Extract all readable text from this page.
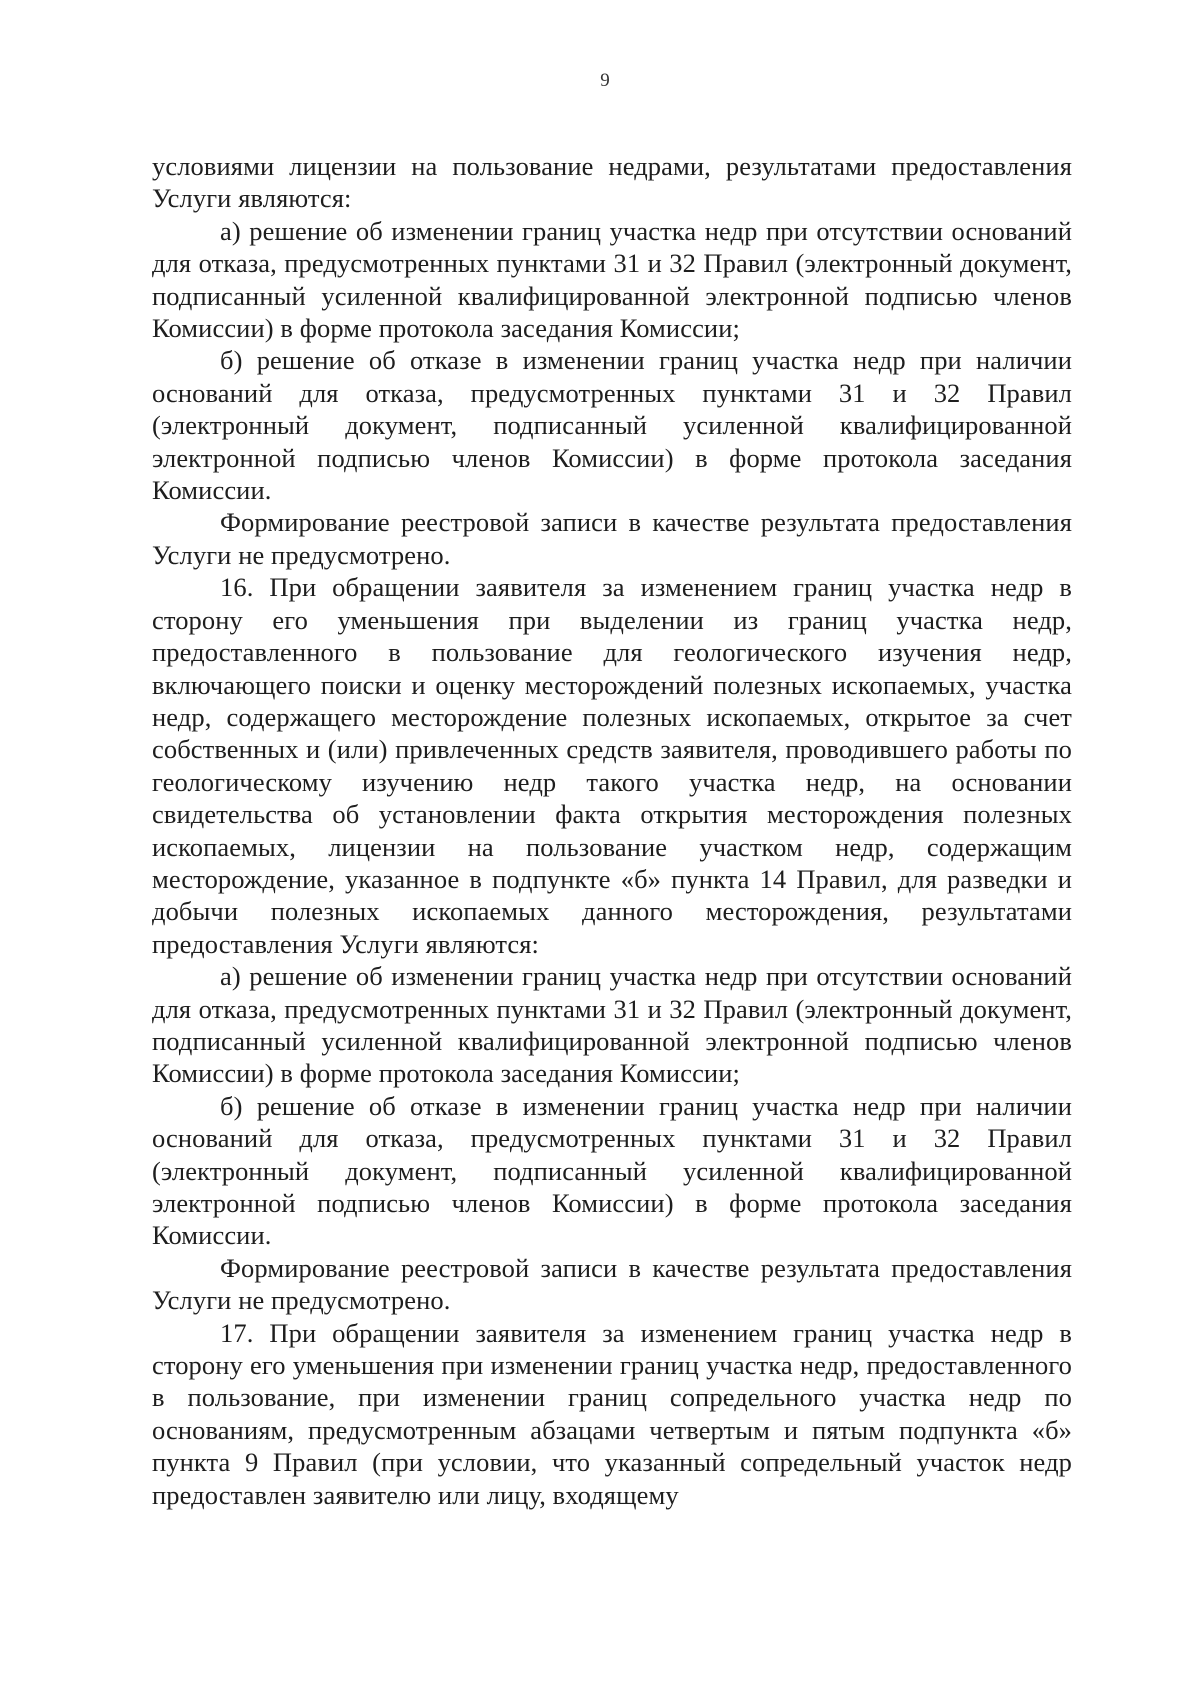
9

условиями лицензии на пользование недрами, результатами предоставления Услуги являются:

а) решение об изменении границ участка недр при отсутствии оснований для отказа, предусмотренных пунктами 31 и 32 Правил (электронный документ, подписанный усиленной квалифицированной электронной подписью членов Комиссии) в форме протокола заседания Комиссии;

б) решение об отказе в изменении границ участка недр при наличии оснований для отказа, предусмотренных пунктами 31 и 32 Правил (электронный документ, подписанный усиленной квалифицированной электронной подписью членов Комиссии) в форме протокола заседания Комиссии.

Формирование реестровой записи в качестве результата предоставления Услуги не предусмотрено.

16. При обращении заявителя за изменением границ участка недр в сторону его уменьшения при выделении из границ участка недр, предоставленного в пользование для геологического изучения недр, включающего поиски и оценку месторождений полезных ископаемых, участка недр, содержащего месторождение полезных ископаемых, открытое за счет собственных и (или) привлеченных средств заявителя, проводившего работы по геологическому изучению недр такого участка недр, на основании свидетельства об установлении факта открытия месторождения полезных ископаемых, лицензии на пользование участком недр, содержащим месторождение, указанное в подпункте «б» пункта 14 Правил, для разведки и добычи полезных ископаемых данного месторождения, результатами предоставления Услуги являются:

а) решение об изменении границ участка недр при отсутствии оснований для отказа, предусмотренных пунктами 31 и 32 Правил (электронный документ, подписанный усиленной квалифицированной электронной подписью членов Комиссии) в форме протокола заседания Комиссии;

б) решение об отказе в изменении границ участка недр при наличии оснований для отказа, предусмотренных пунктами 31 и 32 Правил (электронный документ, подписанный усиленной квалифицированной электронной подписью членов Комиссии) в форме протокола заседания Комиссии.

Формирование реестровой записи в качестве результата предоставления Услуги не предусмотрено.

17. При обращении заявителя за изменением границ участка недр в сторону его уменьшения при изменении границ участка недр, предоставленного в пользование, при изменении границ сопредельного участка недр по основаниям, предусмотренным абзацами четвертым и пятым подпункта «б» пункта 9 Правил (при условии, что указанный сопредельный участок недр предоставлен заявителю или лицу, входящему
